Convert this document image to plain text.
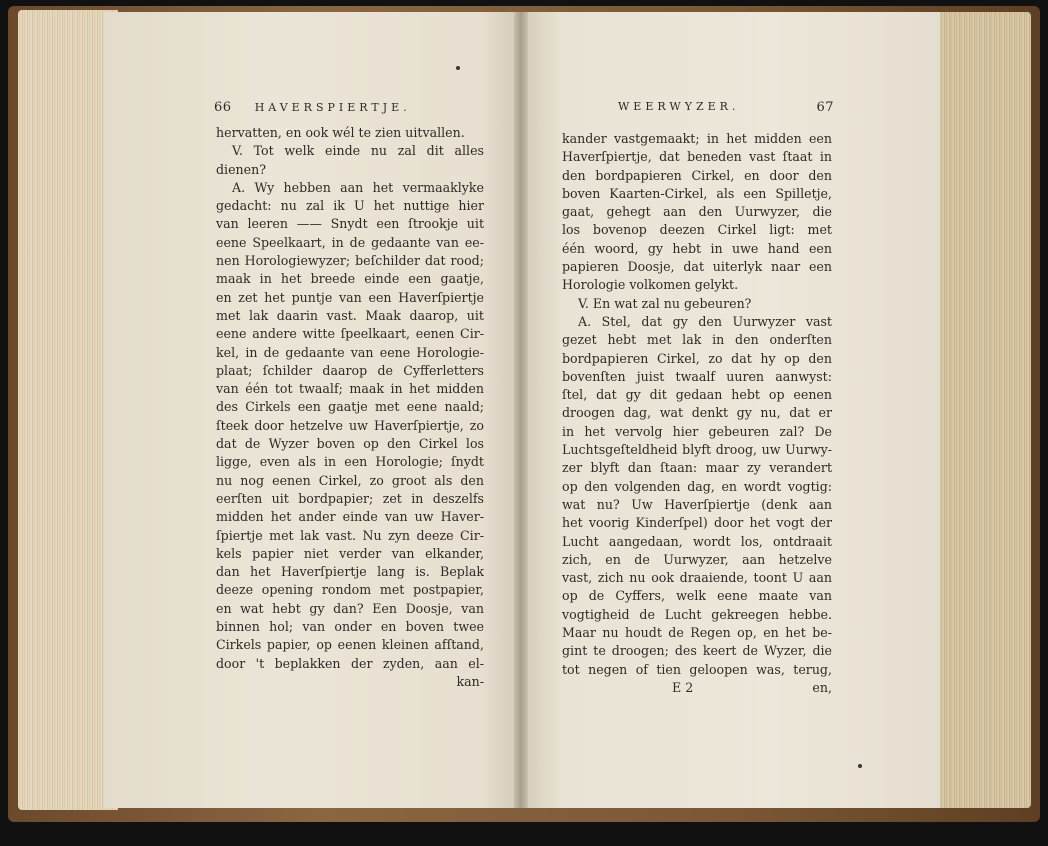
66 HAVERSPIERTJE.	WEERWYZER.	67
hervatten, en ook wél te zien uitvallen.
V. Tot welk einde nu zal dit alles
dienen?
A. Wy hebben aan het vermaaklyke
gedacht: nu zal ik U het nuttige hier
van leeren —— Snydt een ſtrookje uit
eene Speelkaart, in de gedaante van ee-
nen Horologiewyzer; beſchilder dat rood;
maak in het breede einde een gaatje,
en zet het puntje van een Haverſpiertje
met lak daarin vast. Maak daarop, uit
eene andere witte ſpeelkaart, eenen Cir-
kel, in de gedaante van eene Horologie-
plaat; ſchilder daarop de Cyfferletters
van één tot twaalf; maak in het midden
des Cirkels een gaatje met eene naald;
ſteek door hetzelve uw Haverſpiertje, zo
dat de Wyzer boven op den Cirkel los
ligge, even als in een Horologie; ſnydt
nu nog eenen Cirkel, zo groot als den
eerſten uit bordpapier; zet in deszelfs
midden het ander einde van uw Haver-
ſpiertje met lak vast. Nu zyn deeze Cir-
kels papier niet verder van elkander,
dan het Haverſpiertje lang is. Beplak
deeze opening rondom met postpapier,
en wat hebt gy dan? Een Doosje, van
binnen hol; van onder en boven twee
Cirkels papier, op eenen kleinen afſtand,
door 't beplakken der zyden, aan el-
kan-
kander vastgemaakt; in het midden een
Haverſpiertje, dat beneden vast ſtaat in
den bordpapieren Cirkel, en door den
boven Kaarten-Cirkel, als een Spilletje,
gaat, gehegt aan den Uurwyzer, die
los bovenop deezen Cirkel ligt: met
één woord, gy hebt in uwe hand een
papieren Doosje, dat uiterlyk naar een
Horologie volkomen gelykt.
V. En wat zal nu gebeuren?
A. Stel, dat gy den Uurwyzer vast
gezet hebt met lak in den onderſten
bordpapieren Cirkel, zo dat hy op den
bovenſten juist twaalf uuren aanwyst:
ſtel, dat gy dit gedaan hebt op eenen
droogen dag, wat denkt gy nu, dat er
in het vervolg hier gebeuren zal? De
Luchtsgeſteldheid blyft droog, uw Uurwy-
zer blyft dan ſtaan: maar zy verandert
op den volgenden dag, en wordt vogtig:
wat nu? Uw Haverſpiertje (denk aan
het voorig Kinderſpel) door het vogt der
Lucht aangedaan, wordt los, ontdraait
zich, en de Uurwyzer, aan hetzelve
vast, zich nu ook draaiende, toont U aan
op de Cyffers, welk eene maate van
vogtigheid de Lucht gekreegen hebbe.
Maar nu houdt de Regen op, en het be-
gint te droogen; des keert de Wyzer, die
tot negen of tien geloopen was, terug,
E 2	en,
